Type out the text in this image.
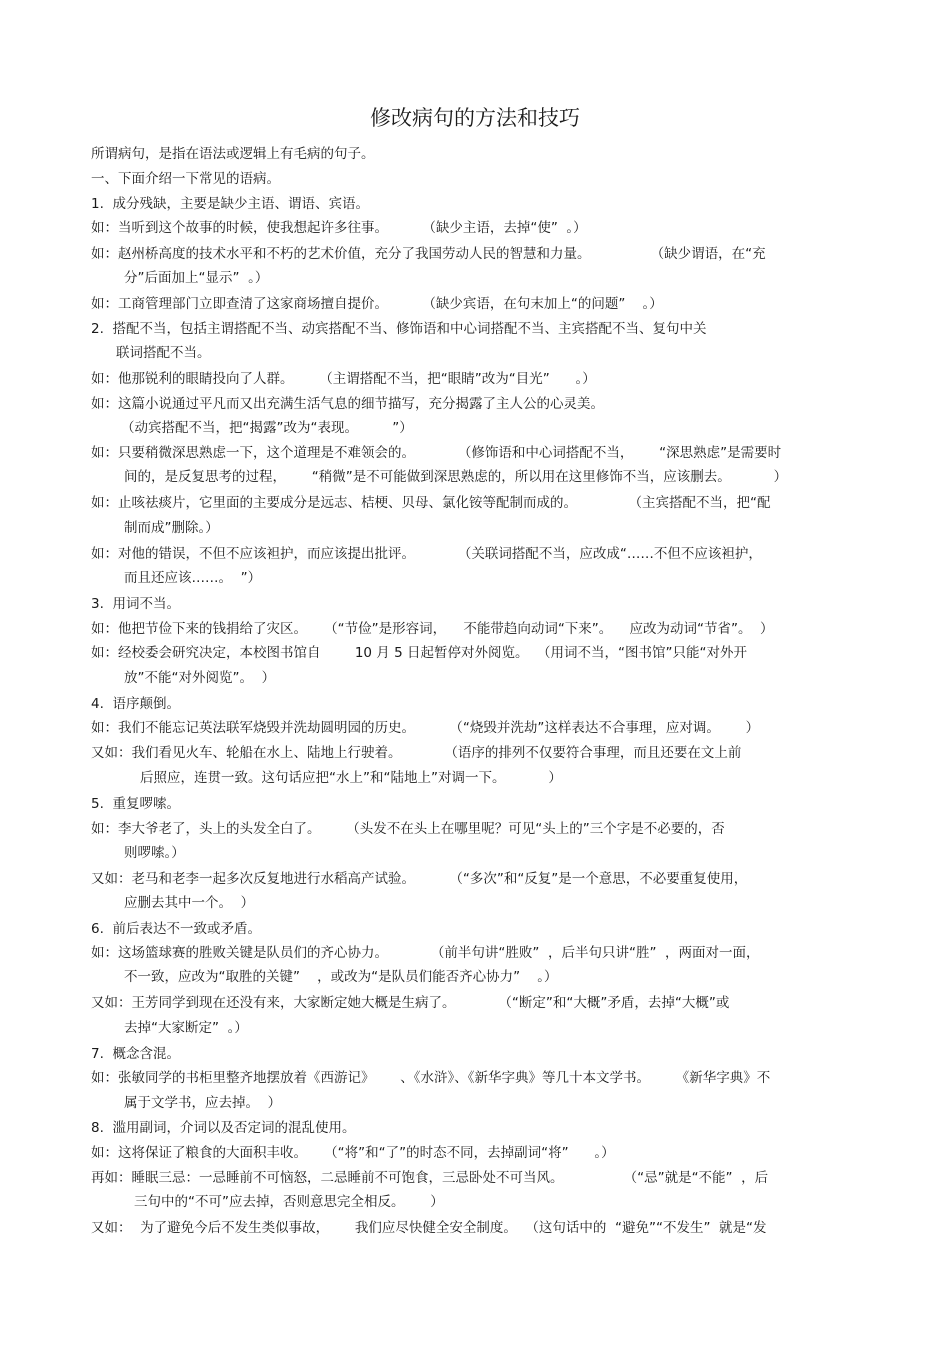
修改病句的方法和技巧
所谓病句，是指在语法或逻辑上有毛病的句子。
一、下面介绍一下常见的语病。
1.  成分残缺，主要是缺少主语、谓语、宾语。
如：当听到这个故事的时候，使我想起许多往事。        （缺少主语，去掉“使”  。）
如：赵州桥高度的技术水平和不朽的艺术价值，充分了我国劳动人民的智慧和力量。              （缺少谓语，在“充
分”后面加上“显示”  。）
如：工商管理部门立即查清了这家商场擅自提价。        （缺少宾语，在句末加上“的问题”    。）
2.  搭配不当，包括主谓搭配不当、动宾搭配不当、修饰语和中心词搭配不当、主宾搭配不当、复句中关
联词搭配不当。
如：他那锐利的眼睛投向了人群。      （主谓搭配不当，把“眼睛”改为“目光”      。）
如：这篇小说通过平凡而又出充满生活气息的细节描写，充分揭露了主人公的心灵美。
（动宾搭配不当，把“揭露”改为“表现。        ”）
如：只要稍微深思熟虑一下，这个道理是不难领会的。          （修饰语和中心词搭配不当，      “深思熟虑”是需要时
间的，是反复思考的过程，      “稍微”是不可能做到深思熟虑的，所以用在这里修饰不当，应该删去。          ）
如：止咳祛痰片，它里面的主要成分是远志、桔梗、贝母、氯化铵等配制而成的。            （主宾搭配不当，把“配
制而成”删除。）
如：对他的错误，不但不应该袒护，而应该提出批评。          （关联词搭配不当，应改成“……不但不应该袒护，
而且还应该……。  ”）
3.  用词不当。
如：他把节俭下来的钱捐给了灾区。    （“节俭”是形容词，    不能带趋向动词“下来”。    应改为动词“节省”。  ）
如：经校委会研究决定，本校图书馆自        10 月 5 日起暂停对外阅览。  （用词不当，“图书馆”只能“对外开
放”不能“对外阅览”。  ）
4.  语序颠倒。
如：我们不能忘记英法联军烧毁并洗劫圆明园的历史。        （“烧毁并洗劫”这样表达不合事理，应对调。      ）
又如：我们看见火车、轮船在水上、陆地上行驶着。          （语序的排列不仅要符合事理，而且还要在文上前
后照应，连贯一致。这句话应把“水上”和“陆地上”对调一下。          ）
5.  重复啰嗦。
如：李大爷老了，头上的头发全白了。      （头发不在头上在哪里呢？可见“头上的”三个字是不必要的，否
则啰嗦。）
又如：老马和老李一起多次反复地进行水稻高产试验。        （“多次”和“反复”是一个意思，不必要重复使用，
应删去其中一个。  ）
6.  前后表达不一致或矛盾。
如：这场篮球赛的胜败关键是队员们的齐心协力。          （前半句讲“胜败”  ，后半句只讲“胜”  ，两面对一面，
不一致，应改为“取胜的关键”    ，或改为“是队员们能否齐心协力”    。）
又如：王芳同学到现在还没有来，大家断定她大概是生病了。          （“断定”和“大概”矛盾，去掉“大概”或
去掉“大家断定”  。）
7.  概念含混。
如：张敏同学的书柜里整齐地摆放着《西游记》      、《水浒》、《新华字典》等几十本文学书。      《新华字典》不
属于文学书，应去掉。  ）
8.  滥用副词，介词以及否定词的混乱使用。
如：这将保证了粮食的大面积丰收。    （“将”和“了”的时态不同，去掉副词“将”      。）
再如：睡眠三忌：一忌睡前不可恼怒，二忌睡前不可饱食，三忌卧处不可当风。              （“忌”就是“不能”  ，后
三句中的“不可”应去掉，否则意思完全相反。      ）
又如：  为了避免今后不发生类似事故，      我们应尽快健全安全制度。  （这句话中的  “避免”“不发生”  就是“发
